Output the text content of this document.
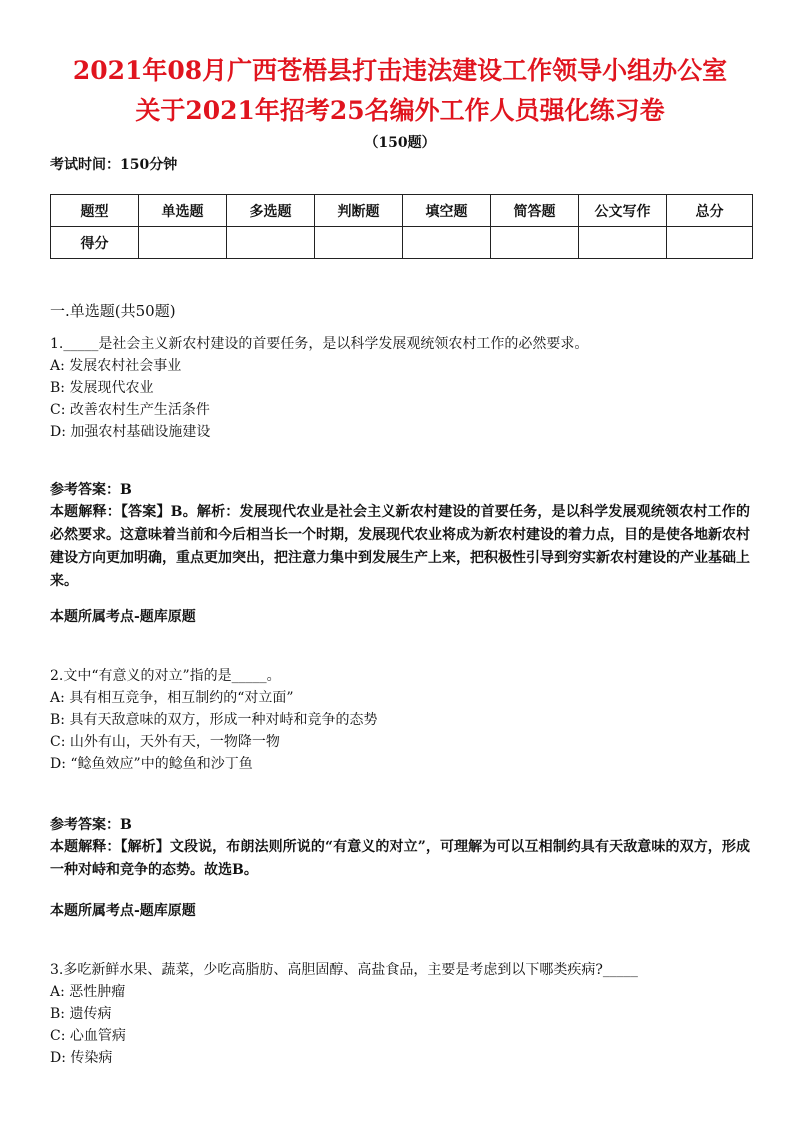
2021年08月广西苍梧县打击违法建设工作领导小组办公室
关于2021年招考25名编外工作人员强化练习卷
（150题）
考试时间：150分钟
题型	单选题	多选题	判断题	填空题	简答题	公文写作	总分
得分							
一.单选题(共50题)
1._____是社会主义新农村建设的首要任务，是以科学发展观统领农村工作的必然要求。
A: 发展农村社会事业
B: 发展现代农业
C: 改善农村生产生活条件
D: 加强农村基础设施建设
参考答案：B
本题解释：【答案】B。解析：发展现代农业是社会主义新农村建设的首要任务，是以科学发展观统领农村工作的必然要求。这意味着当前和今后相当长一个时期，发展现代农业将成为新农村建设的着力点，目的是使各地新农村建设方向更加明确，重点更加突出，把注意力集中到发展生产上来，把积极性引导到穷实新农村建设的产业基础上来。
本题所属考点-题库原题
2.文中“有意义的对立”指的是_____。
A: 具有相互竞争，相互制约的“对立面”
B: 具有天敌意味的双方，形成一种对峙和竞争的态势
C: 山外有山，天外有天，一物降一物
D: “鲶鱼效应”中的鲶鱼和沙丁鱼
参考答案：B
本题解释：【解析】文段说，布朗法则所说的“有意义的对立”，可理解为可以互相制约具有天敌意味的双方，形成一种对峙和竞争的态势。故选B。
本题所属考点-题库原题
3.多吃新鲜水果、蔬菜，少吃高脂肪、高胆固醇、高盐食品，主要是考虑到以下哪类疾病?_____
A: 恶性肿瘤
B: 遗传病
C: 心血管病
D: 传染病
